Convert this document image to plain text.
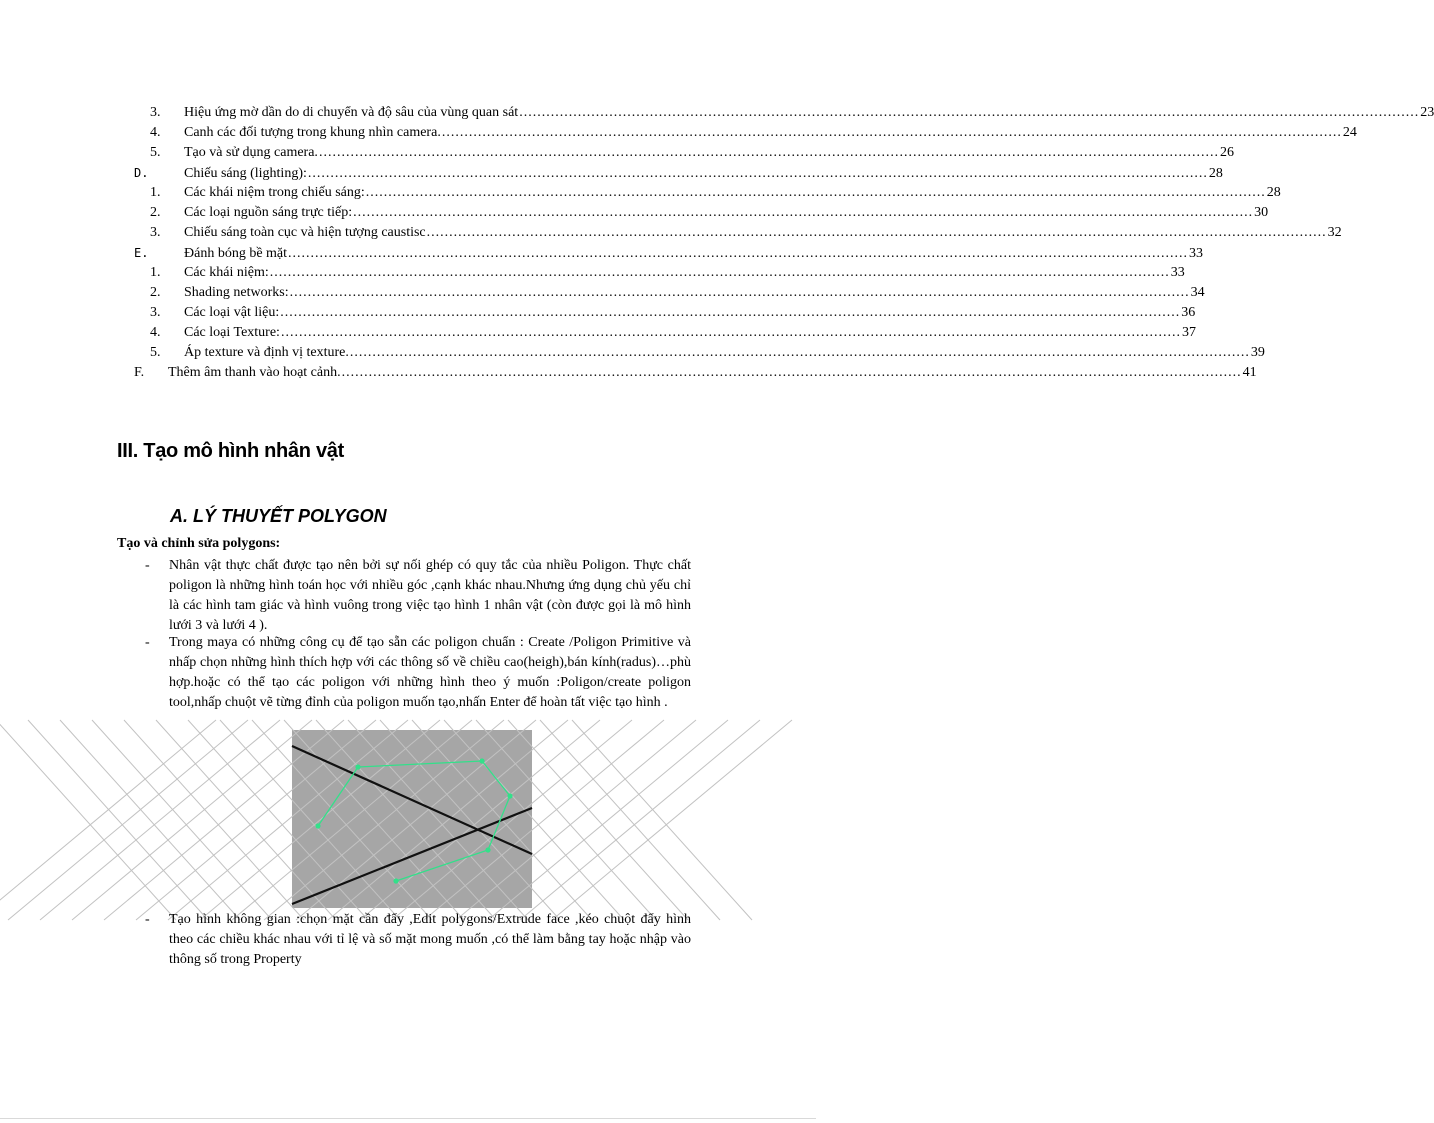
3.	Hiệu ứng mờ dần do di chuyển và độ sâu của vùng quan sát ........................................................................................................................................................................................................ 23
4.	Canh các đối tượng trong khung nhìn camera. ........................................................................................................................................................................................................ 24
5.	Tạo và sử dụng camera. ........................................................................................................................................................................................................ 26
D.	Chiếu sáng (lighting): ........................................................................................................................................................................................................ 28
1.	Các khái niệm trong chiếu sáng: ........................................................................................................................................................................................................ 28
2.	Các loại nguồn sáng trực tiếp: ........................................................................................................................................................................................................ 30
3.	Chiếu sáng toàn cục và hiện tượng caustisc ........................................................................................................................................................................................................ 32
E.	Đánh bóng bề mặt ........................................................................................................................................................................................................ 33
1.	Các khái niệm: ........................................................................................................................................................................................................ 33
2.	Shading networks: ........................................................................................................................................................................................................ 34
3.	Các loại vật liệu: ........................................................................................................................................................................................................ 36
4.	Các loại Texture: ........................................................................................................................................................................................................ 37
5.	Áp texture và định vị texture. ........................................................................................................................................................................................................ 39
F.	Thêm âm thanh vào hoạt cảnh. ........................................................................................................................................................................................................ 41
III. Tạo mô hình nhân vật
A. LÝ THUYẾT POLYGON
Tạo và chỉnh sửa polygons:
- Nhân vật thực chất được tạo nên bởi sự nối ghép có quy tắc của nhiều Poligon. Thực chất poligon là những hình toán học với nhiều góc ,cạnh khác nhau.Nhưng ứng dụng chủ yếu chỉ là các hình tam giác và hình vuông trong việc tạo hình 1 nhân vật (còn được gọi là mô hình lưới 3 và lưới 4 ).
- Trong maya có những công cụ để tạo sẵn các poligon chuẩn : Create /Poligon Primitive và nhấp chọn những hình thích hợp với các thông số về chiều cao(heigh),bán kính(radus)…phù hợp.hoặc có thể tạo các poligon với những hình theo ý muốn :Poligon/create poligon tool,nhấp chuột vẽ từng đỉnh của poligon muốn tạo,nhấn Enter để hoàn tất việc tạo hình .
- Tạo hình không gian :chọn mặt cần đẩy ,Edit polygons/Extrude face ,kéo chuột đẩy hình theo các chiều khác nhau với tỉ lệ và số mặt mong muốn ,có thể làm bằng tay hoặc nhập vào thông số trong Property
